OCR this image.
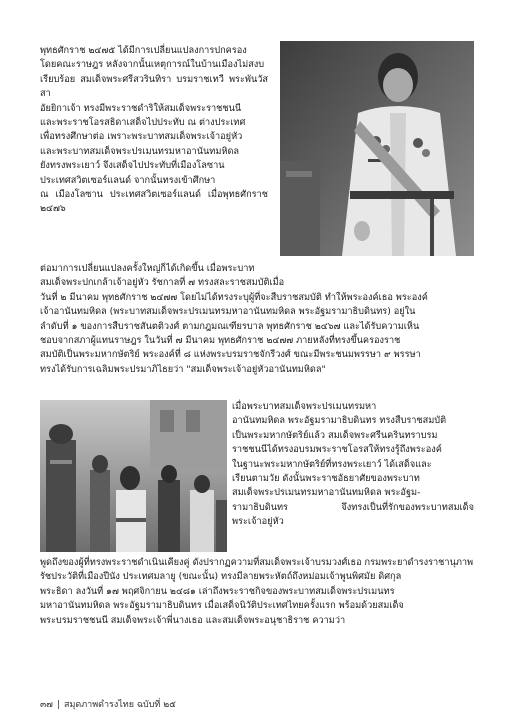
พุทธศักราช ๒๔๗๕ ได้มีการเปลี่ยนแปลงการปกครอง
โดยคณะราษฎร หลังจากนั้นเหตุการณ์ในบ้านเมืองไม่สงบ
เรียบร้อย สมเด็จพระศรีสวรินทิรา บรมราชเทวี พระพันวัสสา
อัยยิกาเจ้า ทรงมีพระราชดำริให้สมเด็จพระราชชนนี
และพระราชโอรสธิดาเสด็จไปประทับ ณ ต่างประเทศ
เพื่อทรงศึกษาต่อ เพราะพระบาทสมเด็จพระเจ้าอยู่หัว
และพระบาทสมเด็จพระปรเมนทรมหาอานันทมหิดล
ยังทรงพระเยาว์ จึงเสด็จไปประทับที่เมืองโลซาน
ประเทศสวิตเซอร์แลนด์ จากนั้นทรงเข้าศึกษา
ณ เมืองโลซาน ประเทศสวิตเซอร์แลนด์ เมื่อพุทธศักราช ๒๔๗๖

ต่อมาการเปลี่ยนแปลงครั้งใหญ่ก็ได้เกิดขึ้น เมื่อพระบาท
สมเด็จพระปกเกล้าเจ้าอยู่หัว รัชกาลที่ ๗ ทรงสละราชสมบัติเมื่อ
วันที่ ๒ มีนาคม พุทธศักราช ๒๔๗๗ โดยไม่ได้ทรงระบุผู้ที่จะสืบราชสมบัติ ทำให้พระองค์เธอ พระองค์
เจ้าอานันทมหิดล (พระบาทสมเด็จพระปรเมนทรมหาอานันทมหิดล พระอัฐมรามาธิบดินทร) อยู่ใน
ลำดับที่ ๑ ของการสืบราชสันตติวงศ์ ตามกฎมณเฑียรบาล พุทธศักราช ๒๔๖๗ และได้รับความเห็น
ชอบจากสภาผู้แทนราษฎร ในวันที่ ๗ มีนาคม พุทธศักราช ๒๔๗๗ ภายหลังที่ทรงขึ้นครองราช
สมบัติเป็นพระมหากษัตริย์ พระองค์ที่ ๘ แห่งพระบรมราชจักรีวงศ์ ขณะมีพระชนมพรรษา ๙ พรรษา
ทรงได้รับการเฉลิมพระปรมาภิไธยว่า "สมเด็จพระเจ้าอยู่หัวอานันทมหิดล"

เมื่อพระบาทสมเด็จพระปรเมนทรมหา
อานันทมหิดล พระอัฐมรามาธิบดินทร ทรงสืบราชสมบัติ
เป็นพระมหากษัตริย์แล้ว สมเด็จพระศรีนครินทราบรม
ราชชนนีได้ทรงอบรมพระราชโอรสให้ทรงรู้ถึงพระองค์
ในฐานะพระมหากษัตริย์ที่ทรงพระเยาว์ ได้เสด็จและ
เรียนตามวัย ดังนั้นพระราชอัธยาศัยของพระบาท
สมเด็จพระปรเมนทรมหาอานันทมหิดล พระอัฐม-
รามาธิบดินทร จึงทรงเป็นที่รักของพระบาทสมเด็จพระเจ้าอยู่หัว

พูดถึงของผู้ที่ทรงพระราชดำเนินเคียงคู่ ดังปรากฏความที่สมเด็จพระเจ้าบรมวงศ์เธอ กรมพระยาดำรงราชานุภาพ
รัชประวัติที่เมืองปีนัง ประเทศมลายู (ขณะนั้น) ทรงมีลายพระหัตถ์ถึงหม่อมเจ้าพูนพิศมัย ดิศกุล
พระธิดา ลงวันที่ ๑๗ พฤศจิกายน ๒๔๘๑ เล่าถึงพระราชกิจของพระบาทสมเด็จพระปรเมนทร
มหาอานันทมหิดล พระอัฐมรามาธิบดินทร เมื่อเสด็จนิวัติประเทศไทยครั้งแรก พร้อมด้วยสมเด็จ
พระบรมราชชนนี สมเด็จพระเจ้าพี่นางเธอ และสมเด็จพระอนุชาธิราช ความว่า

๓๗ | สมุดภาพดำรงไทย ฉบับที่ ๒๕
